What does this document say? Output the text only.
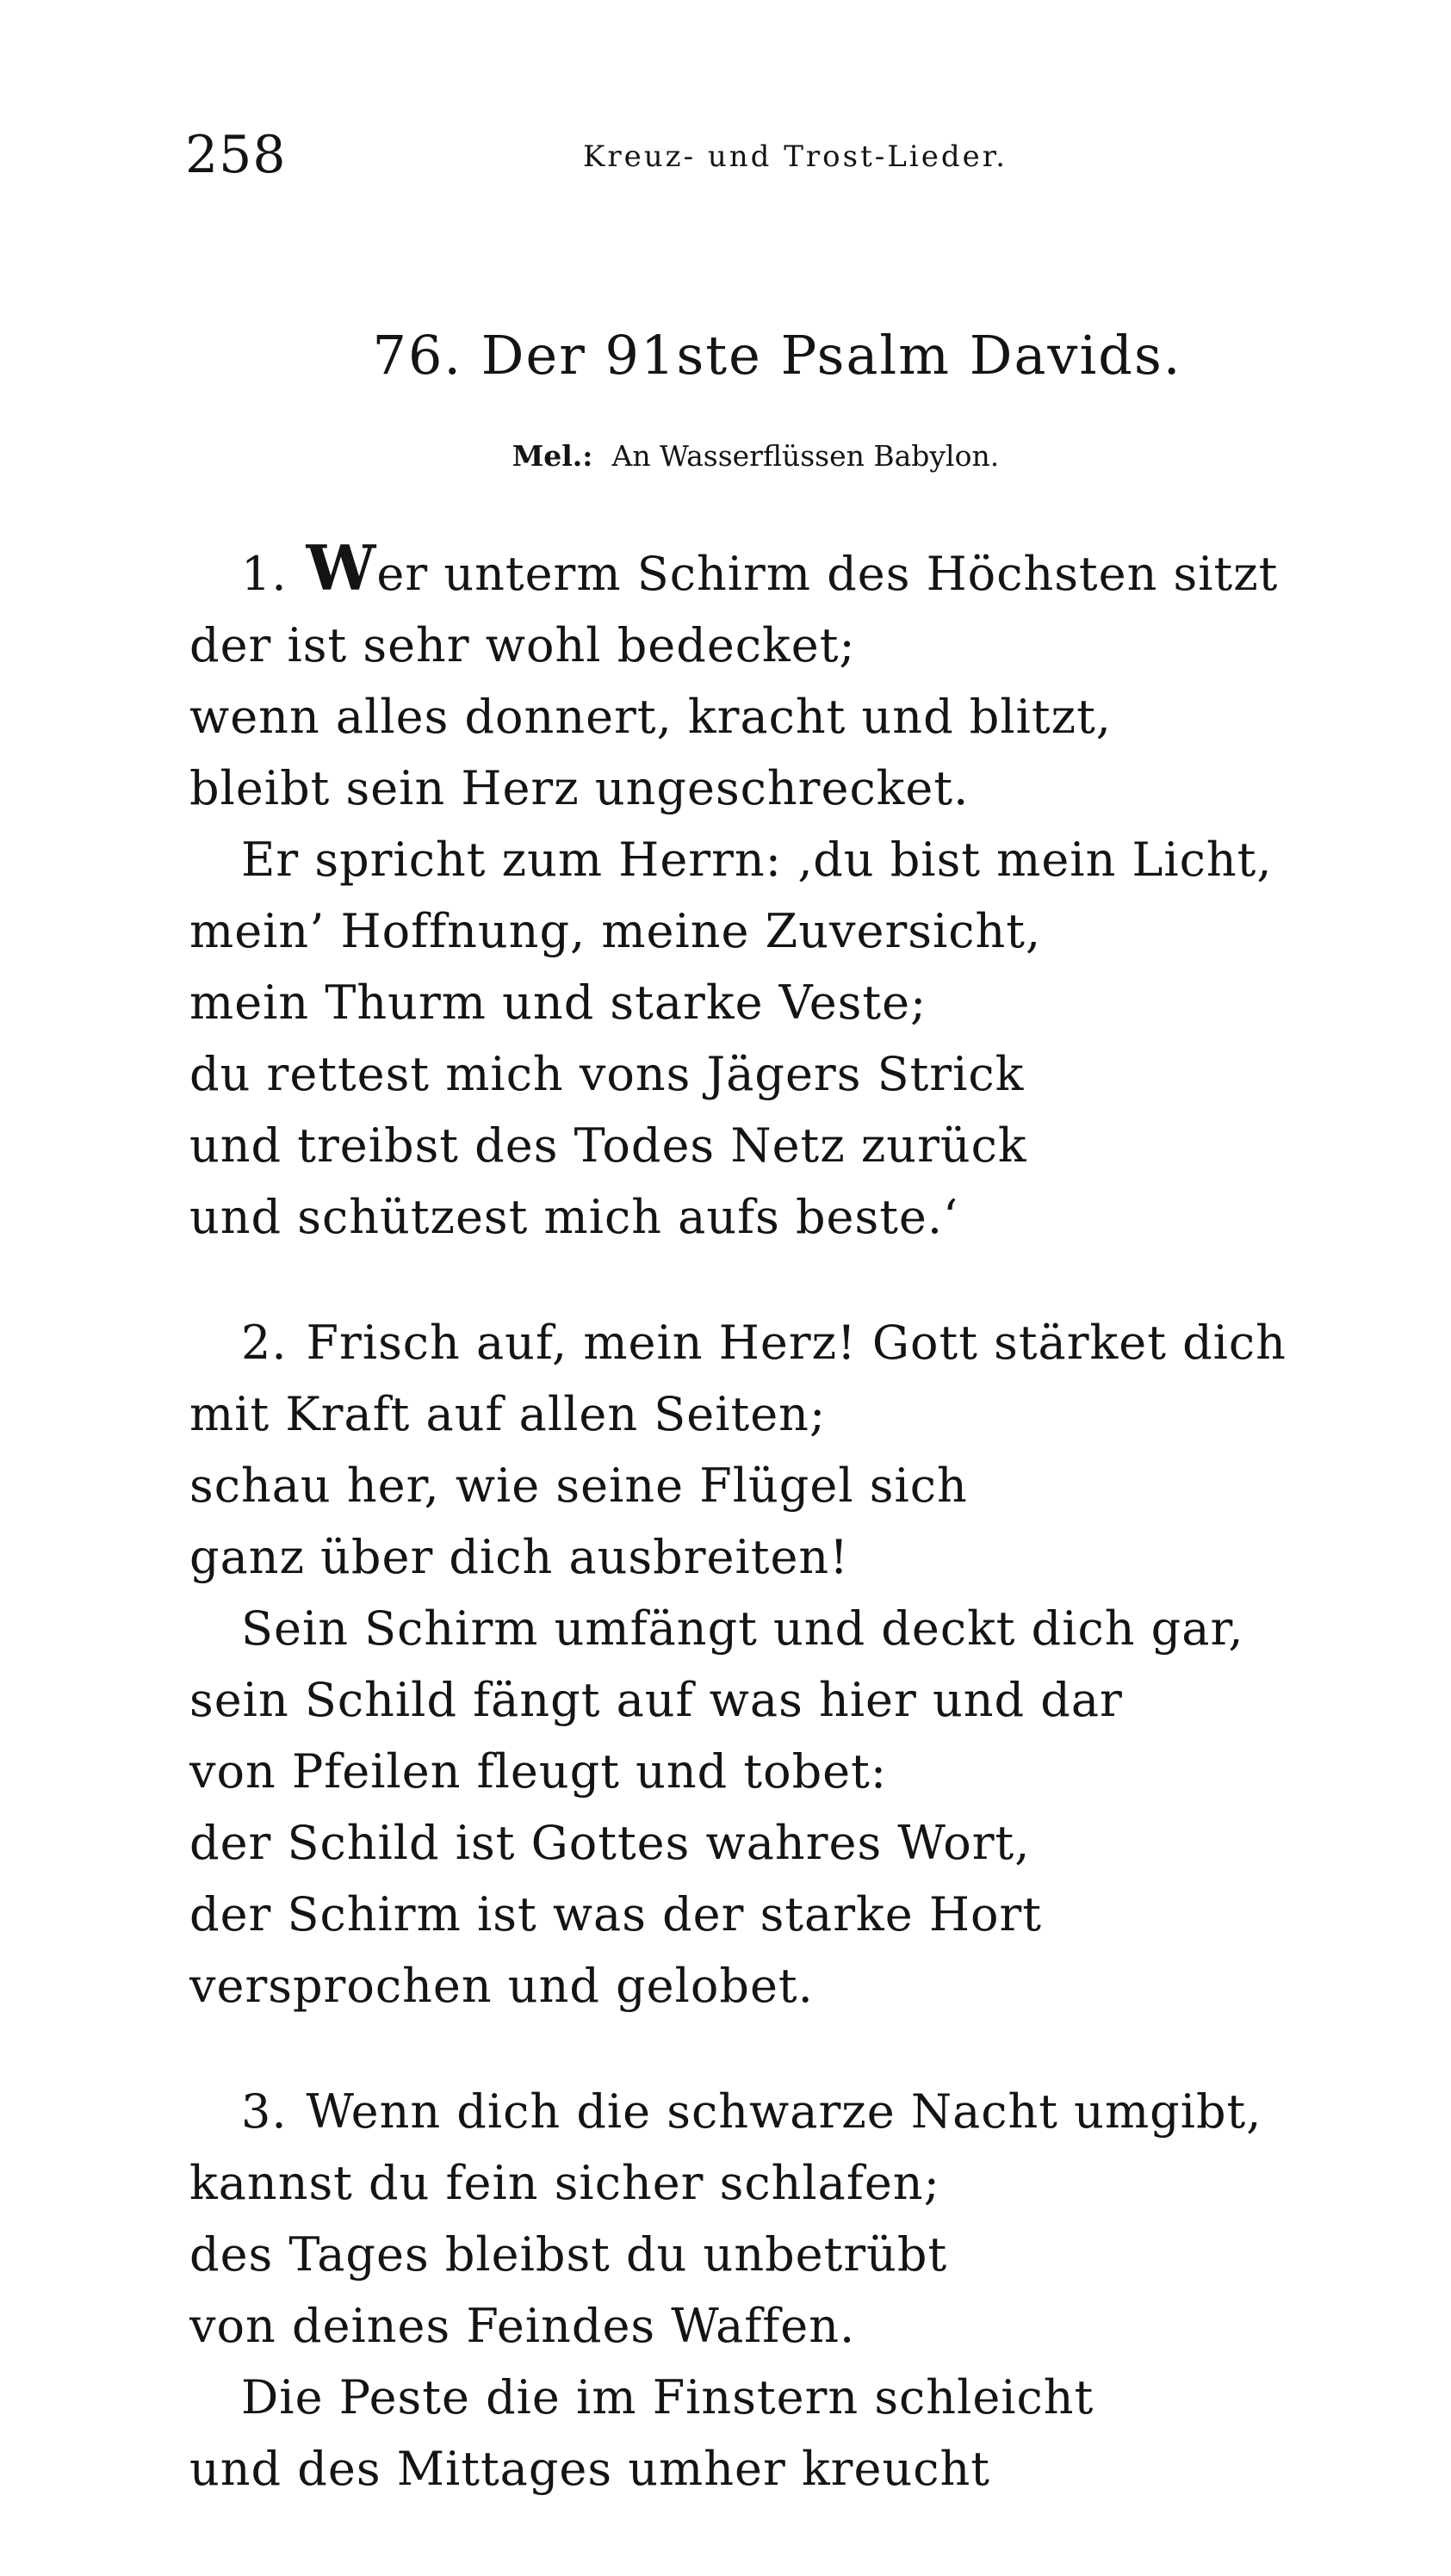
258	Kreuz- und Trost-Lieder.
76. Der 91ste Psalm Davids.
Mel.: An Wasserflüssen Babylon.
1. Wer unterm Schirm des Höchsten sitzt
der ist sehr wohl bedecket;
wenn alles donnert, kracht und blitzt,
bleibt sein Herz ungeschrecket.
Er spricht zum Herrn: ‚du bist mein Licht,
mein’ Hoffnung, meine Zuversicht,
mein Thurm und starke Veste;
du rettest mich vons Jägers Strick
und treibst des Todes Netz zurück
und schützest mich aufs beste.‘
2. Frisch auf, mein Herz! Gott stärket dich
mit Kraft auf allen Seiten;
schau her, wie seine Flügel sich
ganz über dich ausbreiten!
Sein Schirm umfängt und deckt dich gar,
sein Schild fängt auf was hier und dar
von Pfeilen fleugt und tobet:
der Schild ist Gottes wahres Wort,
der Schirm ist was der starke Hort
versprochen und gelobet.
3. Wenn dich die schwarze Nacht umgibt,
kannst du fein sicher schlafen;
des Tages bleibst du unbetrübt
von deines Feindes Waffen.
Die Peste die im Finstern schleicht
und des Mittages umher kreucht
